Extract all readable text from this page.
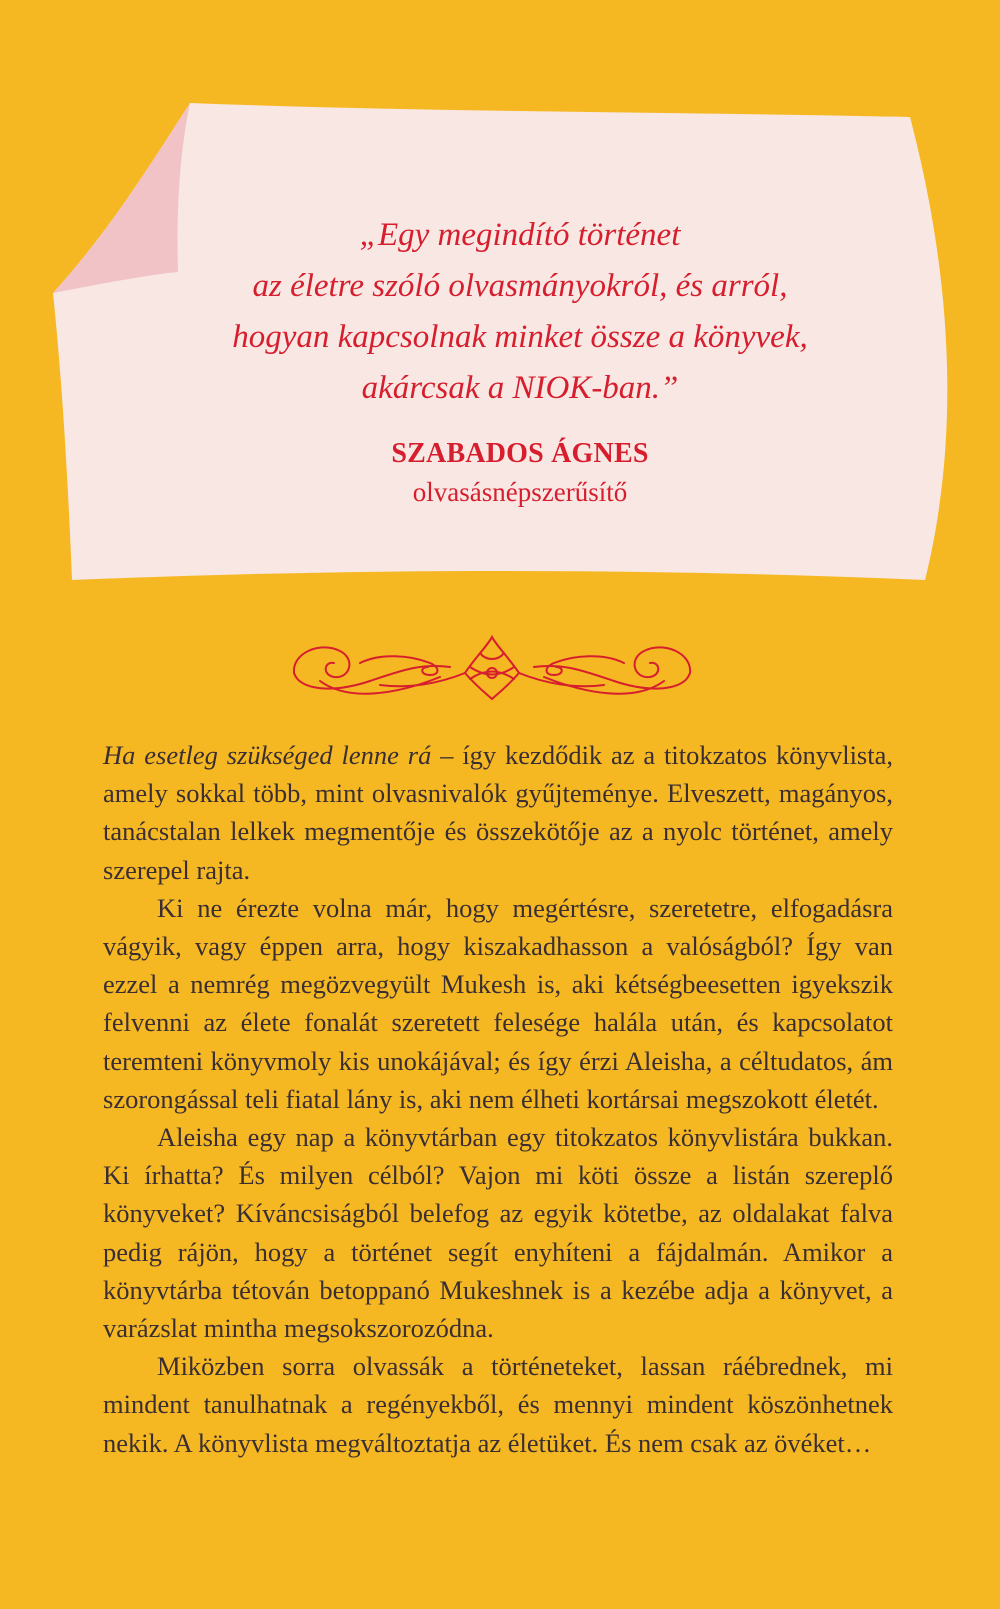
„Egy megindító történet

az életre szóló olvasmányokról, és arról,

hogyan kapcsolnak minket össze a könyvek,

akárcsak a NIOK-ban.”

SZABADOS ÁGNES
olvasásnépszerűsítő

Ha esetleg szükséged lenne rá – így kezdődik az a titokzatos könyvlista, amely sokkal több, mint olvasnivalók gyűjteménye. Elveszett, magányos, tanácstalan lelkek megmentője és összekötője az a nyolc történet, amely szerepel rajta.

Ki ne érezte volna már, hogy megértésre, szeretetre, elfogadásra vágyik, vagy éppen arra, hogy kiszakadhasson a valóságból? Így van ezzel a nemrég megözvegyült Mukesh is, aki kétségbeesetten igyekszik felvenni az élete fonalát szeretett felesége halála után, és kapcsolatot teremteni könyvmoly kis unokájával; és így érzi Aleisha, a céltudatos, ám szorongással teli fiatal lány is, aki nem élheti kortársai megszokott életét.

Aleisha egy nap a könyvtárban egy titokzatos könyvlistára bukkan. Ki írhatta? És milyen célból? Vajon mi köti össze a listán szereplő könyveket? Kíváncsiságból belefog az egyik kötetbe, az oldalakat falva pedig rájön, hogy a történet segít enyhíteni a fájdalmán. Amikor a könyvtárba tétován betoppanó Mukeshnek is a kezébe adja a könyvet, a varázslat mintha megsokszorozódna.

Miközben sorra olvassák a történeteket, lassan ráébrednek, mi mindent tanulhatnak a regényekből, és mennyi mindent köszönhetnek nekik. A könyvlista megváltoztatja az életüket. És nem csak az övéket…
